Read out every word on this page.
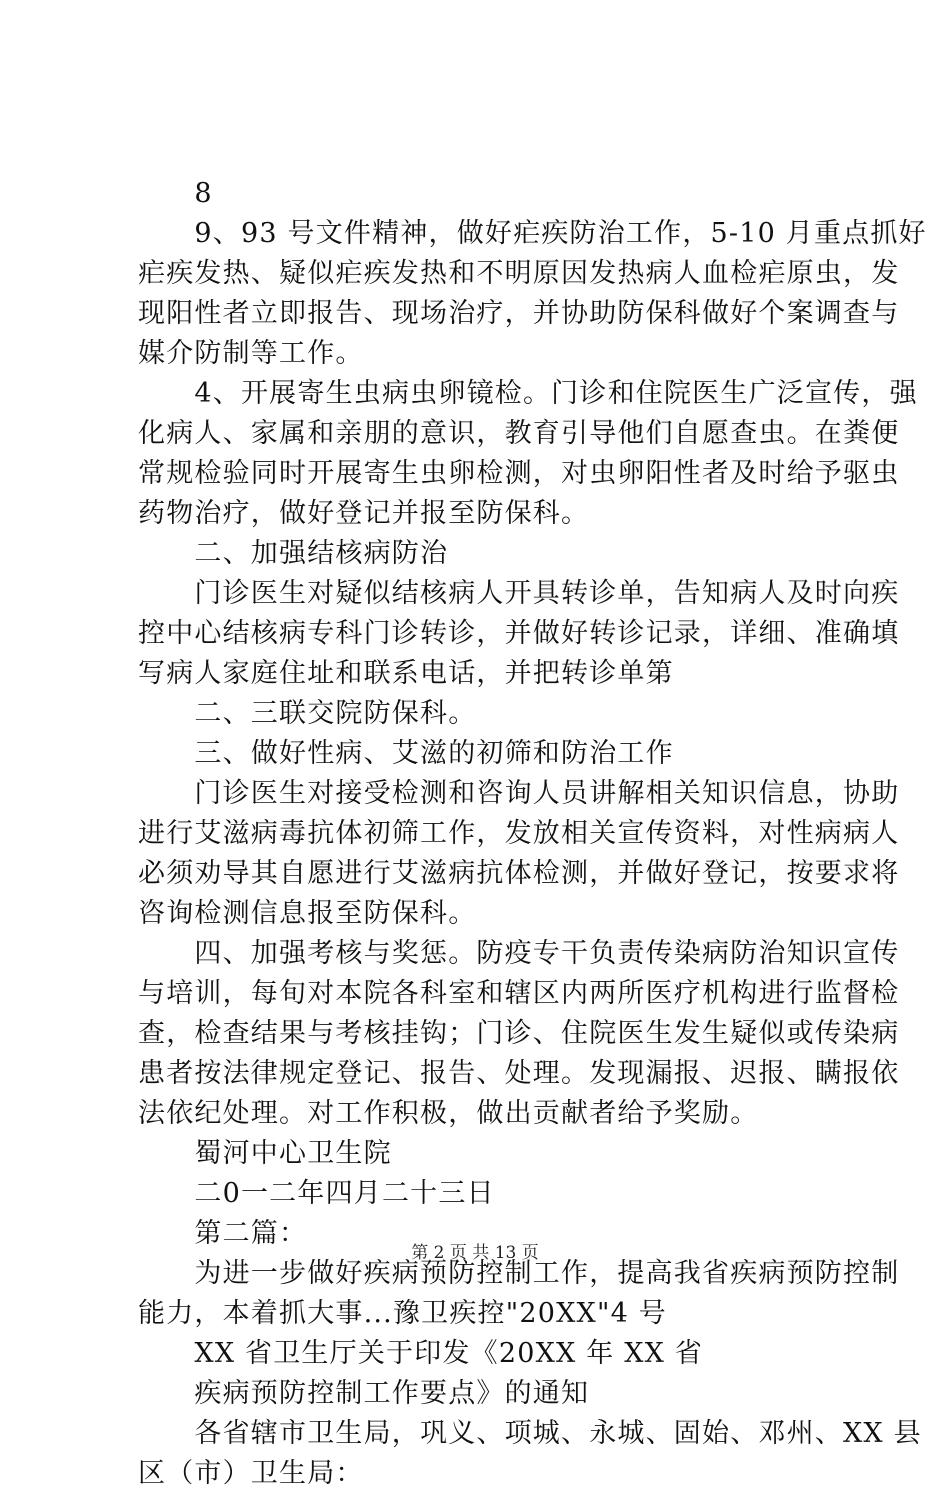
　　8
　　9、93 号文件精神，做好疟疾防治工作，5-10 月重点抓好
疟疾发热、疑似疟疾发热和不明原因发热病人血检疟原虫，发
现阳性者立即报告、现场治疗，并协助防保科做好个案调查与
媒介防制等工作。
　　4、开展寄生虫病虫卵镜检。门诊和住院医生广泛宣传，强
化病人、家属和亲朋的意识，教育引导他们自愿查虫。在粪便
常规检验同时开展寄生虫卵检测，对虫卵阳性者及时给予驱虫
药物治疗，做好登记并报至防保科。
　　二、加强结核病防治
　　门诊医生对疑似结核病人开具转诊单，告知病人及时向疾
控中心结核病专科门诊转诊，并做好转诊记录，详细、准确填
写病人家庭住址和联系电话，并把转诊单第
　　二、三联交院防保科。
　　三、做好性病、艾滋的初筛和防治工作
　　门诊医生对接受检测和咨询人员讲解相关知识信息，协助
进行艾滋病毒抗体初筛工作，发放相关宣传资料，对性病病人
必须劝导其自愿进行艾滋病抗体检测，并做好登记，按要求将
咨询检测信息报至防保科。
　　四、加强考核与奖惩。防疫专干负责传染病防治知识宣传
与培训，每旬对本院各科室和辖区内两所医疗机构进行监督检
查，检查结果与考核挂钩；门诊、住院医生发生疑似或传染病
患者按法律规定登记、报告、处理。发现漏报、迟报、瞒报依
法依纪处理。对工作积极，做出贡献者给予奖励。
　　蜀河中心卫生院
　　二0一二年四月二十三日
　　第二篇：
　　为进一步做好疾病预防控制工作，提高我省疾病预防控制
能力，本着抓大事...豫卫疾控"20XX"4 号
　　XX 省卫生厅关于印发《20XX 年 XX 省
　　疾病预防控制工作要点》的通知
　　各省辖市卫生局，巩义、项城、永城、固始、邓州、XX 县
区（市）卫生局：
第 2 页 共 13 页
